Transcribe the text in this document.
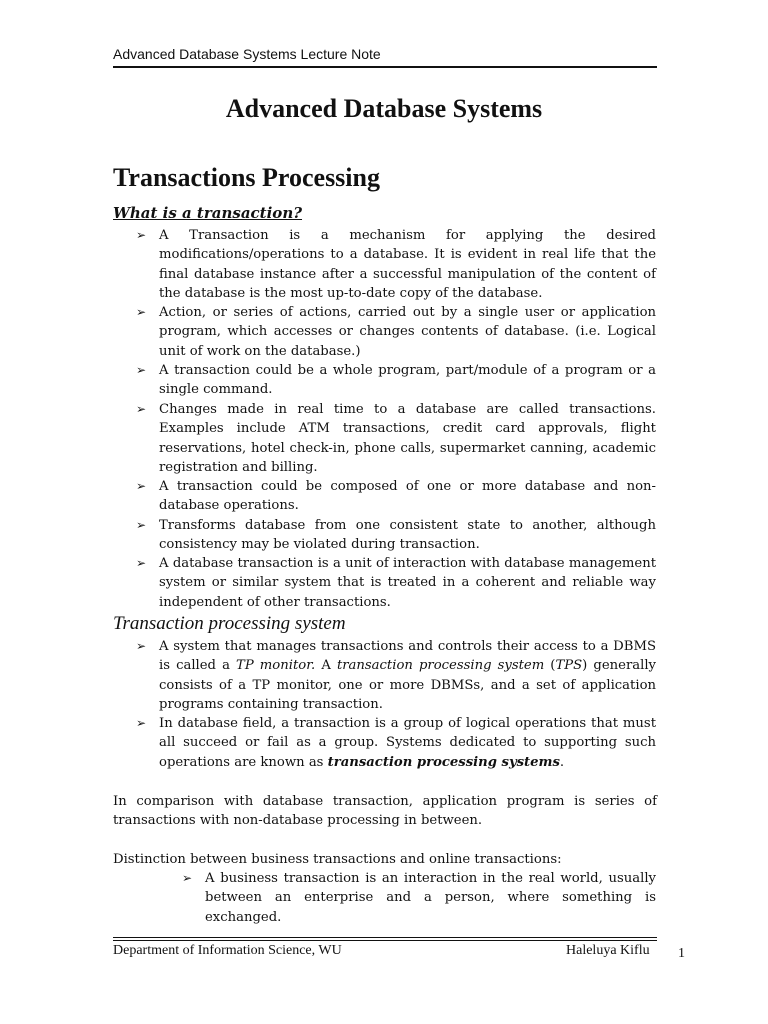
Advanced Database Systems Lecture Note
Advanced Database Systems
Transactions Processing
What is a transaction?
➢ A Transaction is a mechanism for applying the desired modifications/operations to a database. It is evident in real life that the final database instance after a successful manipulation of the content of the database is the most up-to-date copy of the database.
➢ Action, or series of actions, carried out by a single user or application program, which accesses or changes contents of database. (i.e. Logical unit of work on the database.)
➢ A transaction could be a whole program, part/module of a program or a single command.
➢ Changes made in real time to a database are called transactions. Examples include ATM transactions, credit card approvals, flight reservations, hotel check-in, phone calls, supermarket canning, academic registration and billing.
➢ A transaction could be composed of one or more database and non-database operations.
➢ Transforms database from one consistent state to another, although consistency may be violated during transaction.
➢ A database transaction is a unit of interaction with database management system or similar system that is treated in a coherent and reliable way independent of other transactions.
Transaction processing system
➢ A system that manages transactions and controls their access to a DBMS is called a TP monitor. A transaction processing system (TPS) generally consists of a TP monitor, one or more DBMSs, and a set of application programs containing transaction.
➢ In database field, a transaction is a group of logical operations that must all succeed or fail as a group. Systems dedicated to supporting such operations are known as transaction processing systems.
In comparison with database transaction, application program is series of transactions with non-database processing in between.
Distinction between business transactions and online transactions:
➢ A business transaction is an interaction in the real world, usually between an enterprise and a person, where something is exchanged.
Department of Information Science, WU	Haleluya Kiflu 1
